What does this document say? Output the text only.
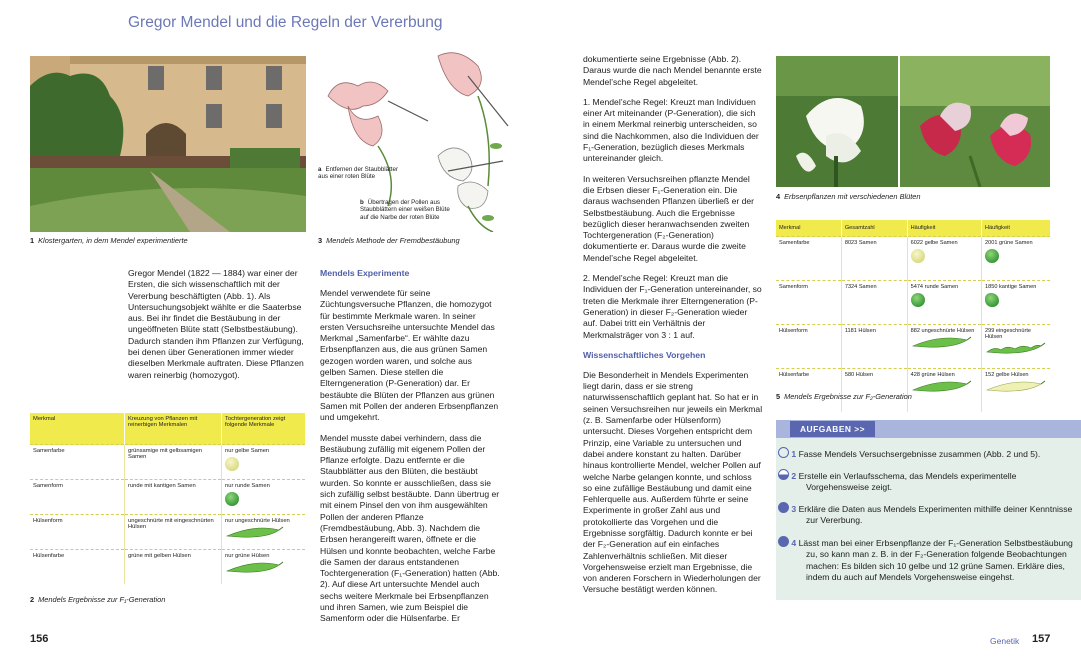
Gregor Mendel und die Regeln der Vererbung
1 Klostergarten, in dem Mendel experimentierte
a Entfernen der Staubblätter aus einer roten Blüte
b Übertragen der Pollen aus Staubblättern einer weißen Blüte auf die Narbe der roten Blüte
3 Mendels Methode der Fremdbestäubung
Gregor Mendel (1822 — 1884) war einer der Ersten, die sich wissenschaftlich mit der Vererbung beschäftigten (Abb. 1). Als Untersuchungsobjekt wählte er die Saaterbse aus. Bei ihr findet die Bestäubung in der ungeöffneten Blüte statt (Selbstbestäubung). Dadurch standen ihm Pflanzen zur Verfügung, bei denen über Generationen immer wieder dieselben Merkmale auftraten. Diese Pflanzen waren reinerbig (homozygot).
Merkmal	Kreuzung von Pflanzen mit reinerbigen Merkmalen	Tochtergeneration zeigt folgende Merkmale
Samenfarbe	grünsamige mit gelbsamigen Samen	nur gelbe Samen

Samenform	runde mit kantigen Samen	nur runde Samen

Hülsenform	ungeschnürte mit eingeschnürten Hülsen	nur ungeschnürte Hülsen

Hülsenfarbe	grüne mit gelben Hülsen	nur grüne Hülsen
2 Mendels Ergebnisse zur F₁-Generation

Mendels Experimente

Mendel verwendete für seine Züchtungsversuche Pflanzen, die homozygot für bestimmte Merkmale waren. In seiner ersten Versuchsreihe untersuchte Mendel das Merkmal „Samenfarbe“. Er wählte dazu Erbsenpflanzen aus, die aus grünen Samen gezogen worden waren, und solche aus gelben Samen. Diese stellen die Elterngeneration (P-Generation) dar. Er bestäubte die Blüten der Pflanzen aus grünen Samen mit Pollen der anderen Erbsenpflanzen und umgekehrt.

Mendel musste dabei verhindern, dass die Bestäubung zufällig mit eigenem Pollen der Pflanze erfolgte. Dazu entfernte er die Staubblätter aus den Blüten, die bestäubt wurden. So konnte er ausschließen, dass sie sich zufällig selbst bestäubte. Dann übertrug er mit einem Pinsel den von ihm ausgewählten Pollen der anderen Pflanze (Fremdbestäubung, Abb. 3). Nachdem die Erbsen herangereift waren, öffnete er die Hülsen und konnte beobachten, welche Farbe die Samen der daraus entstandenen Tochtergeneration (F₁-Generation) hatten (Abb. 2). Auf diese Art untersuchte Mendel auch sechs weitere Merkmale bei Erbsenpflanzen und ihren Samen, wie zum Beispiel die Samenform oder die Hülsenfarbe. Er

dokumentierte seine Ergebnisse (Abb. 2). Daraus wurde die nach Mendel benannte erste Mendel’sche Regel abgeleitet.

1. Mendel’sche Regel: Kreuzt man Individuen einer Art miteinander (P-Generation), die sich in einem Merkmal reinerbig unterscheiden, so sind die Nachkommen, also die Individuen der F₁-Generation, bezüglich dieses Merkmals untereinander gleich.

In weiteren Versuchsreihen pflanzte Mendel die Erbsen dieser F₁-Generation ein. Die daraus wachsenden Pflanzen überließ er der Selbstbestäubung. Auch die Ergebnisse bezüglich dieser heranwachsenden zweiten Tochtergeneration (F₂-Generation) dokumentierte er. Daraus wurde die zweite Mendel’sche Regel abgeleitet.

2. Mendel’sche Regel: Kreuzt man die Individuen der F₁-Generation untereinander, so treten die Merkmale ihrer Elterngeneration (P-Generation) in dieser F₂-Generation wieder auf. Dabei tritt ein Verhältnis der Merkmalsträger von 3 : 1 auf.

Wissenschaftliches Vorgehen

Die Besonderheit in Mendels Experimenten liegt darin, dass er sie streng naturwissenschaftlich geplant hat. So hat er in seinen Versuchsreihen nur jeweils ein Merkmal (z. B. Samenfarbe oder Hülsenform) untersucht. Dieses Vorgehen entspricht dem Prinzip, eine Variable zu untersuchen und dabei andere konstant zu halten. Darüber hinaus kontrollierte Mendel, welcher Pollen auf welche Narbe gelangen konnte, und schloss so eine zufällige Bestäubung und damit eine Fehlerquelle aus. Außerdem führte er seine Experimente in großer Zahl aus und protokollierte das Vorgehen und die Ergebnisse sorgfältig. Dadurch konnte er bei der F₂-Generation auf ein einfaches Zahlenverhältnis schließen. Mit dieser Vorgehensweise erzielt man Ergebnisse, die von anderen Forschern in Wiederholungen der Versuche bestätigt werden können.

4 Erbsenpflanzen mit verschiedenen Blüten
Merkmal	Gesamtzahl	Häufigkeit	Häufigkeit
Samenfarbe	8023 Samen	6022 gelbe Samen	2001 grüne Samen

Samenform	7324 Samen	5474 runde Samen	1850 kantige Samen

Hülsenform	1181 Hülsen	882 ungeschnürte Hülsen	299 eingeschnürte Hülsen

Hülsenfarbe	580 Hülsen	428 grüne Hülsen	152 gelbe Hülsen
5 Mendels Ergebnisse zur F₂-Generation
AUFGABEN >>
1 Fasse Mendels Versuchsergebnisse zusammen (Abb. 2 und 5).
2 Erstelle ein Verlaufsschema, das Mendels experimentelle Vorgehensweise zeigt.
3 Erkläre die Daten aus Mendels Experimenten mithilfe deiner Kenntnisse zur Vererbung.
4 Lässt man bei einer Erbsenpflanze der F₁-Generation Selbstbestäubung zu, so kann man z. B. in der F₂-Generation folgende Beobachtungen machen: Es bilden sich 10 gelbe und 12 grüne Samen. Erkläre dies, indem du auch auf Mendels Vorgehensweise eingehst.
156	Genetik 157
